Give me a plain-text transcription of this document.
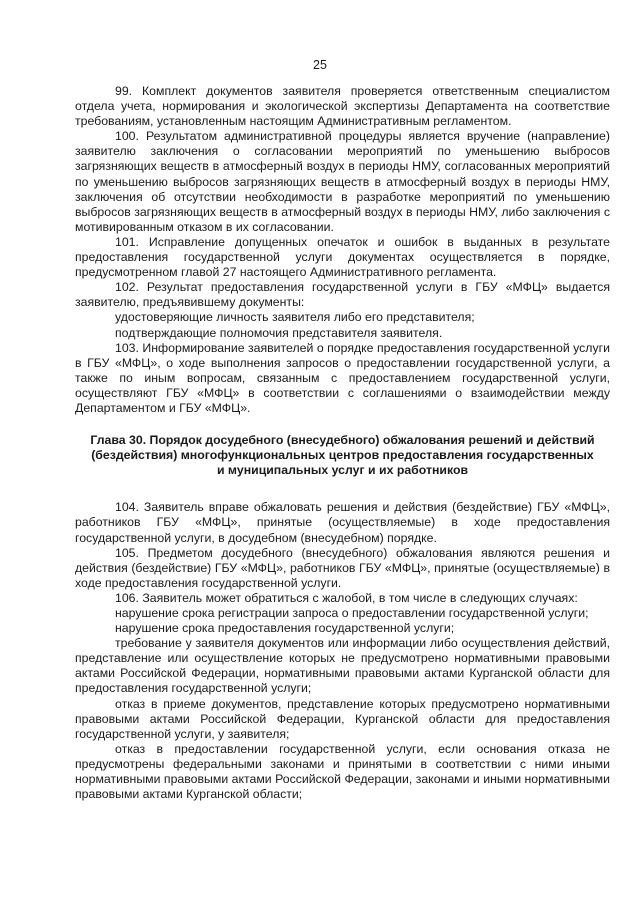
25

99. Комплект документов заявителя проверяется ответственным специалистом отдела учета, нормирования и экологической экспертизы Департамента на соответствие требованиям, установленным настоящим Административным регламентом.

100. Результатом административной процедуры является вручение (направление) заявителю заключения о согласовании мероприятий по уменьшению выбросов загрязняющих веществ в атмосферный воздух в периоды НМУ, согласованных мероприятий по уменьшению выбросов загрязняющих веществ в атмосферный воздух в периоды НМУ, заключения об отсутствии необходимости в разработке мероприятий по уменьшению выбросов загрязняющих веществ в атмосферный воздух в периоды НМУ, либо заключения с мотивированным отказом в их согласовании.

101. Исправление допущенных опечаток и ошибок в выданных в результате предоставления государственной услуги документах осуществляется в порядке, предусмотренном главой 27 настоящего Административного регламента.

102. Результат предоставления государственной услуги в ГБУ «МФЦ» выдается заявителю, предъявившему документы:

удостоверяющие личность заявителя либо его представителя;

подтверждающие полномочия представителя заявителя.

103. Информирование заявителей о порядке предоставления государственной услуги в ГБУ «МФЦ», о ходе выполнения запросов о предоставлении государственной услуги, а также по иным вопросам, связанным с предоставлением государственной услуги, осуществляют ГБУ «МФЦ» в соответствии с соглашениями о взаимодействии между Департаментом и ГБУ «МФЦ».

Глава 30. Порядок досудебного (внесудебного) обжалования решений и действий
(бездействия) многофункциональных центров предоставления государственных
и муниципальных услуг и их работников

104. Заявитель вправе обжаловать решения и действия (бездействие) ГБУ «МФЦ», работников ГБУ «МФЦ», принятые (осуществляемые) в ходе предоставления государственной услуги, в досудебном (внесудебном) порядке.

105. Предметом досудебного (внесудебного) обжалования являются решения и действия (бездействие) ГБУ «МФЦ», работников ГБУ «МФЦ», принятые (осуществляемые) в ходе предоставления государственной услуги.

106. Заявитель может обратиться с жалобой, в том числе в следующих случаях:

нарушение срока регистрации запроса о предоставлении государственной услуги;

нарушение срока предоставления государственной услуги;

требование у заявителя документов или информации либо осуществления действий, представление или осуществление которых не предусмотрено нормативными правовыми актами Российской Федерации, нормативными правовыми актами Курганской области для предоставления государственной услуги;

отказ в приеме документов, представление которых предусмотрено нормативными правовыми актами Российской Федерации, Курганской области для предоставления государственной услуги, у заявителя;

отказ в предоставлении государственной услуги, если основания отказа не предусмотрены федеральными законами и принятыми в соответствии с ними иными нормативными правовыми актами Российской Федерации, законами и иными нормативными правовыми актами Курганской области;
